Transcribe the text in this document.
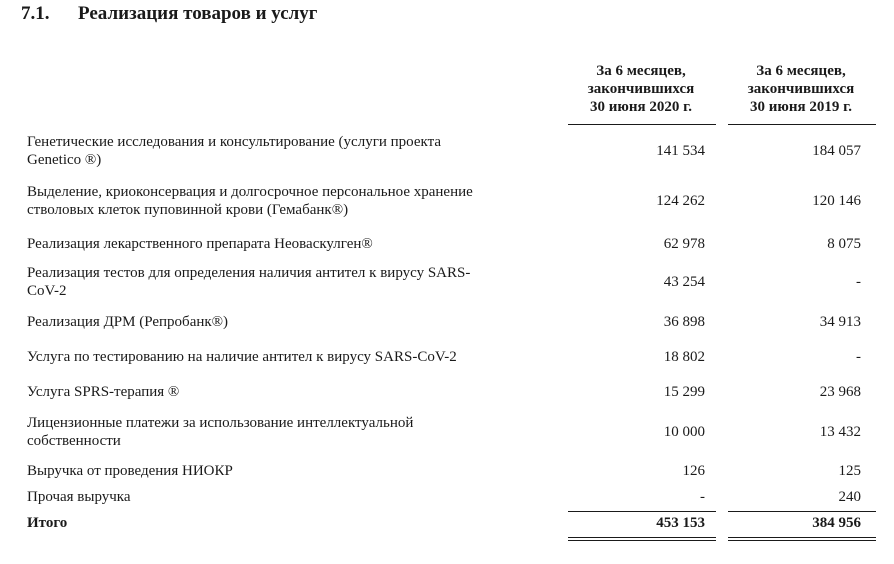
7.1. Реализация товаров и услуг
За 6 месяцев,
закончившихся
30 июня 2020 г.
За 6 месяцев,
закончившихся
30 июня 2019 г.
Генетические исследования и консультирование (услуги проекта
Genetico ®)
141 534	184 057
Выделение, криоконсервация и долгосрочное персональное хранение
стволовых клеток пуповинной крови (Гемабанк®)
124 262	120 146
Реализация лекарственного препарата Неоваскулген®	62 978	8 075
Реализация тестов для определения наличия антител к вирусу SARS-
CoV-2
43 254	-
Реализация ДРМ (Репробанк®)	36 898	34 913
Услуга по тестированию на наличие антител к вирусу SARS-CoV-2	18 802	-
Услуга SPRS-терапия ®	15 299	23 968
Лицензионные платежи за использование интеллектуальной
собственности
10 000	13 432
Выручка от проведения НИОКР	126	125
Прочая выручка	-	240
Итого	453 153	384 956
